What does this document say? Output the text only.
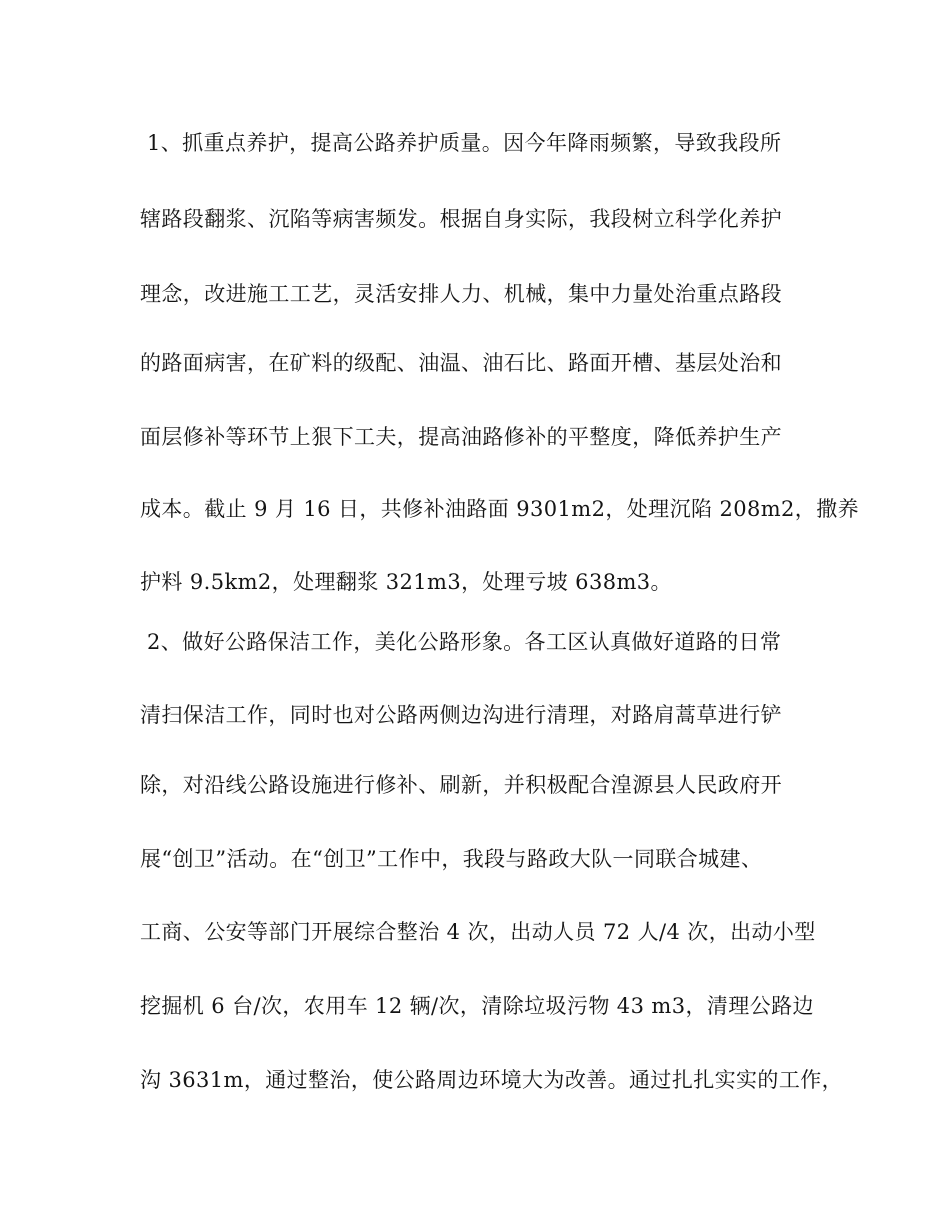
1、抓重点养护，提高公路养护质量。因今年降雨频繁，导致我段所
辖路段翻浆、沉陷等病害频发。根据自身实际，我段树立科学化养护
理念，改进施工工艺，灵活安排人力、机械，集中力量处治重点路段
的路面病害，在矿料的级配、油温、油石比、路面开槽、基层处治和
面层修补等环节上狠下工夫，提高油路修补的平整度，降低养护生产
成本。截止 9 月 16 日，共修补油路面 9301m2，处理沉陷 208m2，撒养
护料 9.5km2，处理翻浆 321m3，处理亏坡 638m3。
2、做好公路保洁工作，美化公路形象。各工区认真做好道路的日常
清扫保洁工作，同时也对公路两侧边沟进行清理，对路肩蒿草进行铲
除，对沿线公路设施进行修补、刷新，并积极配合湟源县人民政府开
展“创卫”活动。在“创卫”工作中，我段与路政大队一同联合城建、
工商、公安等部门开展综合整治 4 次，出动人员 72 人/4 次，出动小型
挖掘机 6 台/次，农用车 12 辆/次，清除垃圾污物 43 m3，清理公路边
沟 3631m，通过整治，使公路周边环境大为改善。通过扎扎实实的工作，
